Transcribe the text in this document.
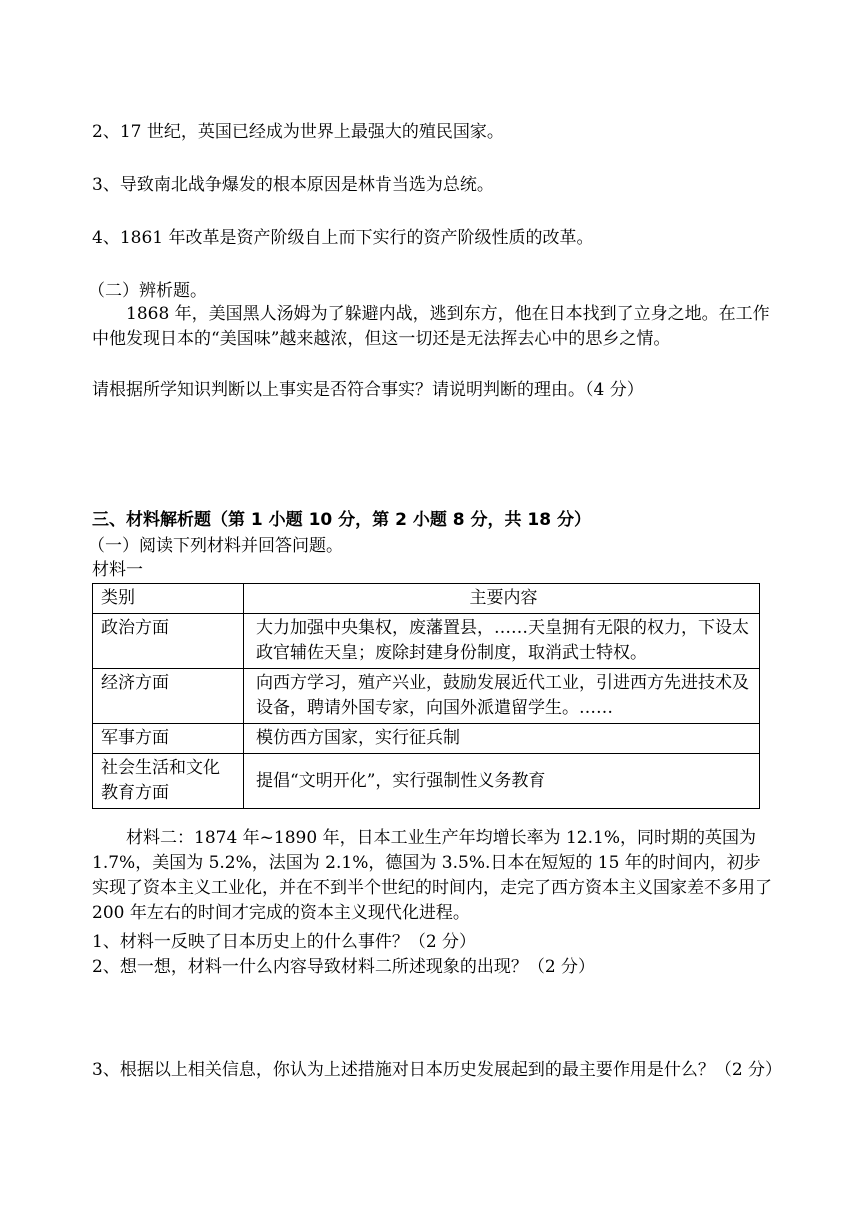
2、17 世纪，英国已经成为世界上最强大的殖民国家。
3、导致南北战争爆发的根本原因是林肯当选为总统。
4、1861 年改革是资产阶级自上而下实行的资产阶级性质的改革。
（二）辨析题。
1868 年，美国黑人汤姆为了躲避内战，逃到东方，他在日本找到了立身之地。在工作中他发现日本的“美国味”越来越浓，但这一切还是无法挥去心中的思乡之情。
请根据所学知识判断以上事实是否符合事实？请说明判断的理由。（4 分）
三、材料解析题（第 1 小题 10 分，第 2 小题 8 分，共 18 分）
（一）阅读下列材料并回答问题。
材料一
类别	主要内容
政治方面	大力加强中央集权，废藩置县，……天皇拥有无限的权力，下设太政官辅佐天皇；废除封建身份制度，取消武士特权。
经济方面	向西方学习，殖产兴业，鼓励发展近代工业，引进西方先进技术及设备，聘请外国专家，向国外派遣留学生。……
军事方面	模仿西方国家，实行征兵制
社会生活和文化教育方面	提倡“文明开化”，实行强制性义务教育
材料二：1874 年~1890 年，日本工业生产年均增长率为 12.1%，同时期的英国为 1.7%，美国为 5.2%，法国为 2.1%，德国为 3.5%.日本在短短的 15 年的时间内，初步实现了资本主义工业化，并在不到半个世纪的时间内，走完了西方资本主义国家差不多用了 200 年左右的时间才完成的资本主义现代化进程。
1、材料一反映了日本历史上的什么事件？（2 分）
2、想一想，材料一什么内容导致材料二所述现象的出现？（2 分）
3、根据以上相关信息，你认为上述措施对日本历史发展起到的最主要作用是什么？（2 分）
